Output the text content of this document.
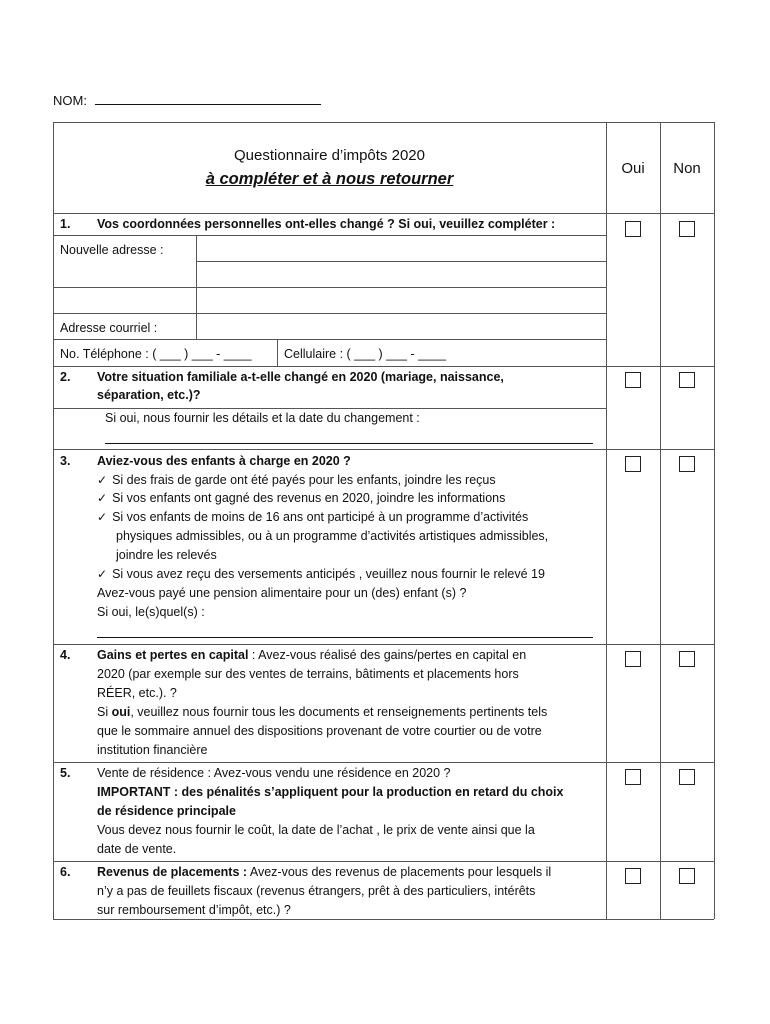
NOM:
Questionnaire d’impôts 2020
à compléter et à nous retourner
Oui	Non
1. Vos coordonnées personnelles ont-elles changé ? Si oui, veuillez compléter :
Nouvelle adresse :
Adresse courriel :
No. Téléphone : ( ___ ) ___ - ____	Cellulaire : ( ___ ) ___ - ____
2. Votre situation familiale a-t-elle changé en 2020 (mariage, naissance,
séparation, etc.)?
Si oui, nous fournir les détails et la date du changement :
3. Aviez-vous des enfants à charge en 2020 ?
✓ Si des frais de garde ont été payés pour les enfants, joindre les reçus
✓ Si vos enfants ont gagné des revenus en 2020, joindre les informations
✓ Si vos enfants de moins de 16 ans ont participé à un programme d’activités
physiques admissibles, ou à un programme d’activités artistiques admissibles,
joindre les relevés
✓ Si vous avez reçu des versements anticipés , veuillez nous fournir le relevé 19
Avez-vous payé une pension alimentaire pour un (des) enfant (s) ?
Si oui, le(s)quel(s) :
4. Gains et pertes en capital : Avez-vous réalisé des gains/pertes en capital en
2020 (par exemple sur des ventes de terrains, bâtiments et placements hors
RÉER, etc.). ?
Si oui, veuillez nous fournir tous les documents et renseignements pertinents tels
que le sommaire annuel des dispositions provenant de votre courtier ou de votre
institution financière
5. Vente de résidence : Avez-vous vendu une résidence en 2020 ?
IMPORTANT : des pénalités s’appliquent pour la production en retard du choix
de résidence principale
Vous devez nous fournir le coût, la date de l’achat , le prix de vente ainsi que la
date de vente.
6. Revenus de placements : Avez-vous des revenus de placements pour lesquels il
n’y a pas de feuillets fiscaux (revenus étrangers, prêt à des particuliers, intérêts
sur remboursement d’impôt, etc.) ?
